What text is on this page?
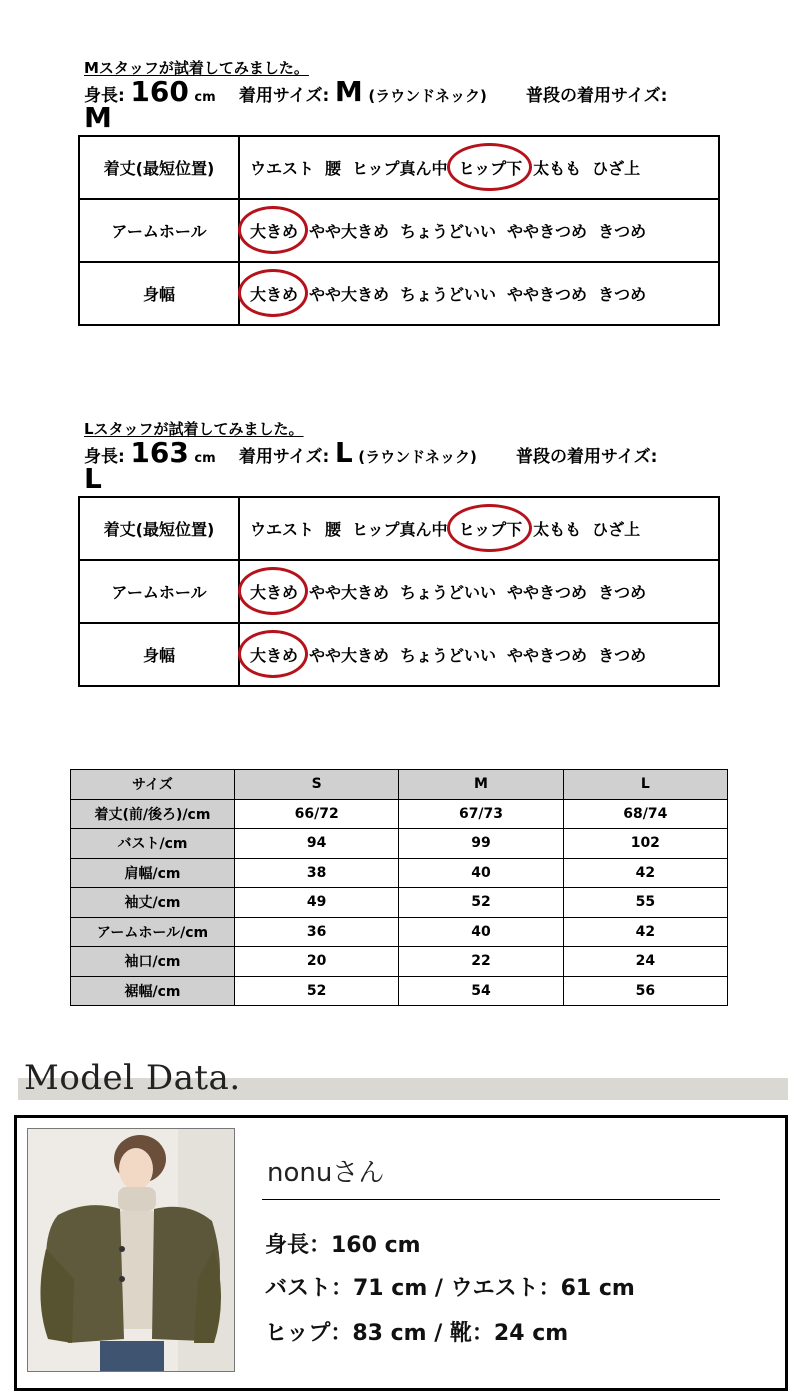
Mスタッフが試着してみました。
身長: 160 cm 着用サイズ: M (ラウンドネック) 普段の着用サイズ:
M
着丈(最短位置)	ウエスト 腰 ヒップ真ん中 ヒップ下 太もも ひざ上
アームホール	大きめ やや大きめ ちょうどいい ややきつめ きつめ
身幅	大きめ やや大きめ ちょうどいい ややきつめ きつめ
Lスタッフが試着してみました。
身長: 163 cm 着用サイズ: L (ラウンドネック) 普段の着用サイズ:
L
着丈(最短位置)	ウエスト 腰 ヒップ真ん中 ヒップ下 太もも ひざ上
アームホール	大きめ やや大きめ ちょうどいい ややきつめ きつめ
身幅	大きめ やや大きめ ちょうどいい ややきつめ きつめ
サイズ	S	M	L
着丈(前/後ろ)/cm	66/72	67/73	68/74
バスト/cm	94	99	102
肩幅/cm	38	40	42
袖丈/cm	49	52	55
アームホール/cm	36	40	42
袖口/cm	20	22	24
裾幅/cm	52	54	56
Model Data.
nonuさん
身長：160 cm
バスト：71 cm / ウエスト：61 cm
ヒップ：83 cm / 靴：24 cm
